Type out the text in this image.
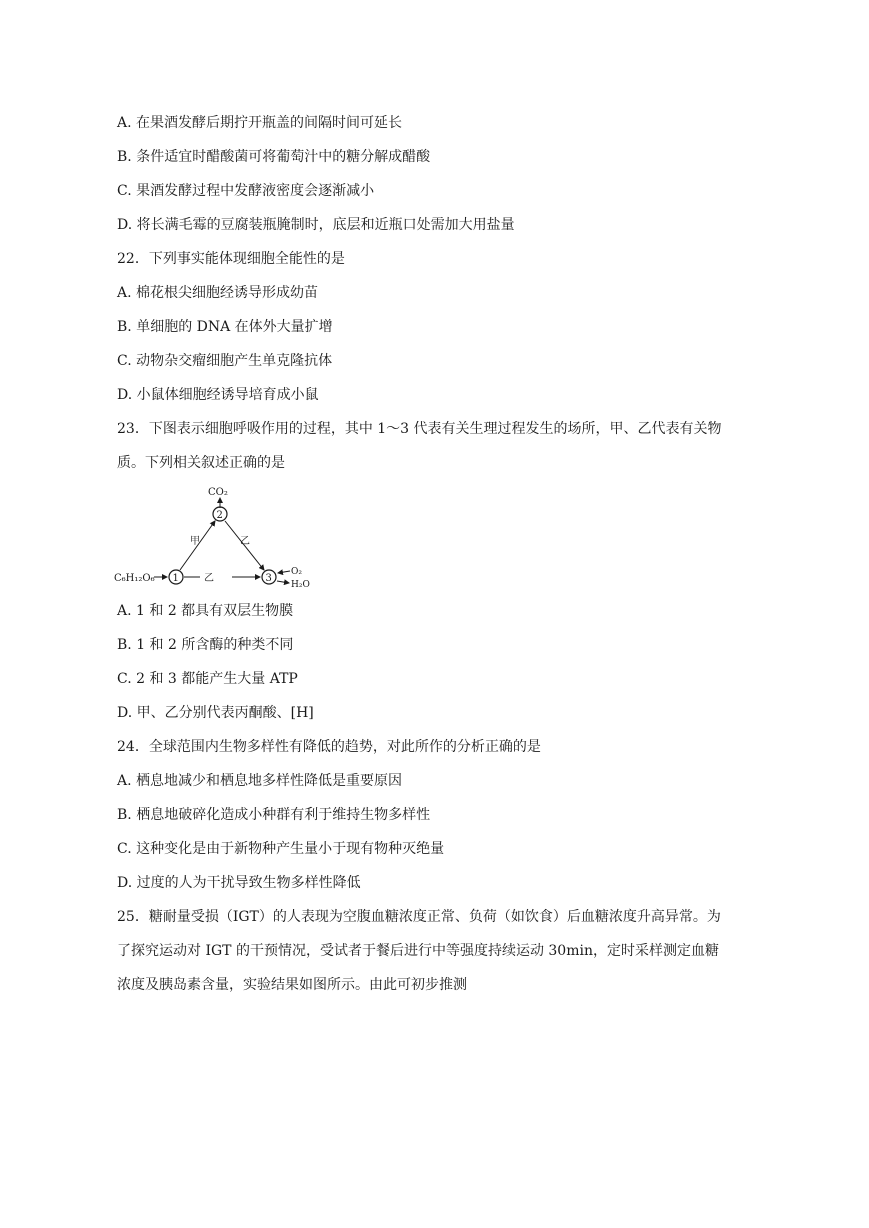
A. 在果酒发酵后期拧开瓶盖的间隔时间可延长
B. 条件适宜时醋酸菌可将葡萄汁中的糖分解成醋酸
C. 果酒发酵过程中发酵液密度会逐渐减小
D. 将长满毛霉的豆腐装瓶腌制时，底层和近瓶口处需加大用盐量
22．下列事实能体现细胞全能性的是
A. 棉花根尖细胞经诱导形成幼苗
B. 单细胞的 DNA 在体外大量扩增
C. 动物杂交瘤细胞产生单克隆抗体
D. 小鼠体细胞经诱导培育成小鼠
23．下图表示细胞呼吸作用的过程，其中 1～3 代表有关生理过程发生的场所，甲、乙代表有关物
质。下列相关叙述正确的是
CO₂
2
1	3
C₆H₁₂O₆
甲	乙
乙
O₂
H₂O
A. 1 和 2 都具有双层生物膜
B. 1 和 2 所含酶的种类不同
C. 2 和 3 都能产生大量 ATP
D. 甲、乙分别代表丙酮酸、[H]
24．全球范围内生物多样性有降低的趋势，对此所作的分析正确的是
A. 栖息地减少和栖息地多样性降低是重要原因
B. 栖息地破碎化造成小种群有利于维持生物多样性
C. 这种变化是由于新物种产生量小于现有物种灭绝量
D. 过度的人为干扰导致生物多样性降低
25．糖耐量受损（IGT）的人表现为空腹血糖浓度正常、负荷（如饮食）后血糖浓度升高异常。为
了探究运动对 IGT 的干预情况，受试者于餐后进行中等强度持续运动 30min，定时采样测定血糖
浓度及胰岛素含量，实验结果如图所示。由此可初步推测
